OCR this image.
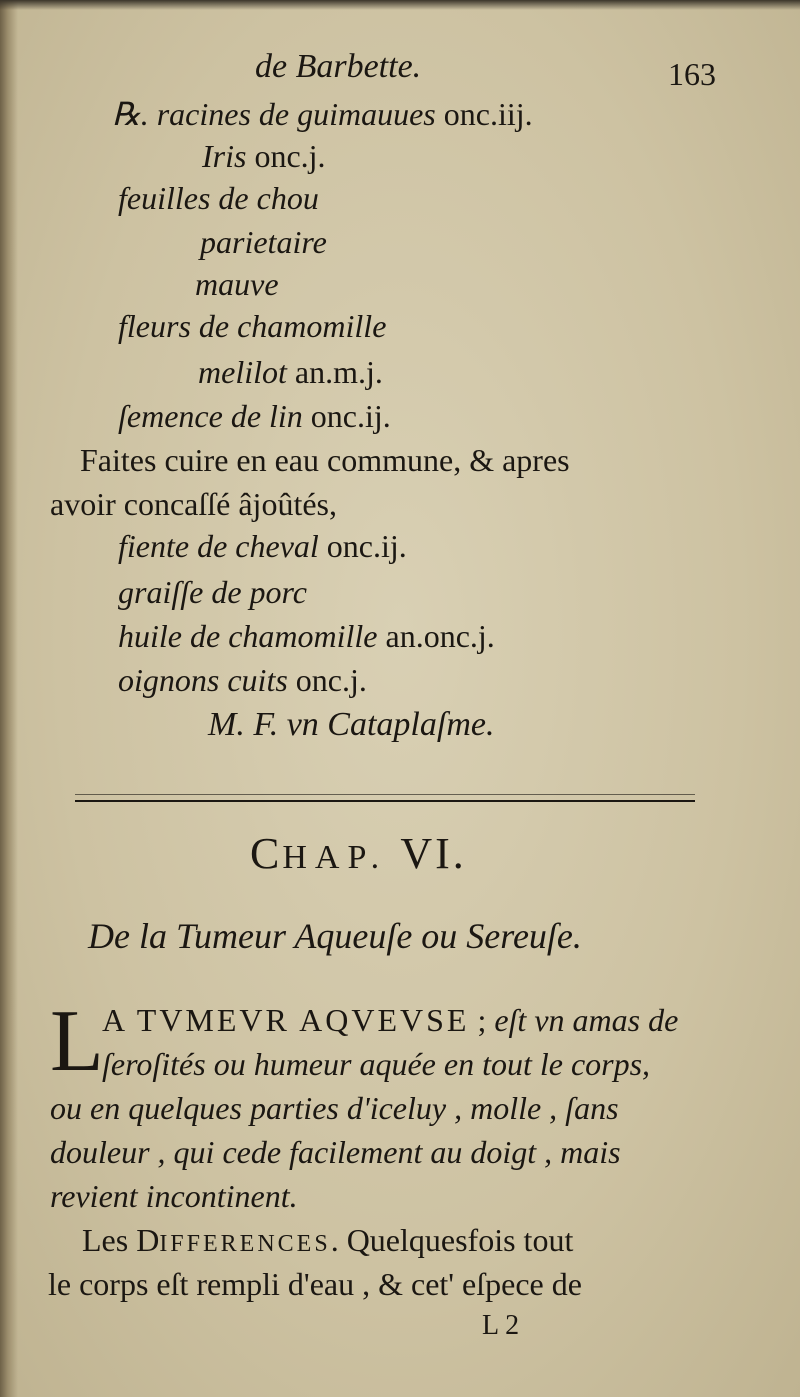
de Barbette.	163
℞. racines de guimauues onc.iij.
Iris onc.j.
feuilles de chou
parietaire
mauve
fleurs de chamomille
melilot an.m.j.
ſemence de lin onc.ij.
Faites cuire en eau commune, & apres
avoir concaſſé âjoûtés,
fiente de cheval onc.ij.
graiſſe de porc
huile de chamomille an.onc.j.
oignons cuits onc.j.
M. F. vn Cataplaſme.
CHAP. VI.
De la Tumeur Aqueuſe ou Sereuſe.
L
A TVMEVR AQVEVSE ; eſt vn amas de
ſeroſités ou humeur aquée en tout le corps,
ou en quelques parties d'iceluy , molle , ſans
douleur , qui cede facilement au doigt , mais
revient incontinent.
Les DIFFERENCES. Quelquesfois tout
le corps eſt rempli d'eau , & cet' eſpece de
L 2
